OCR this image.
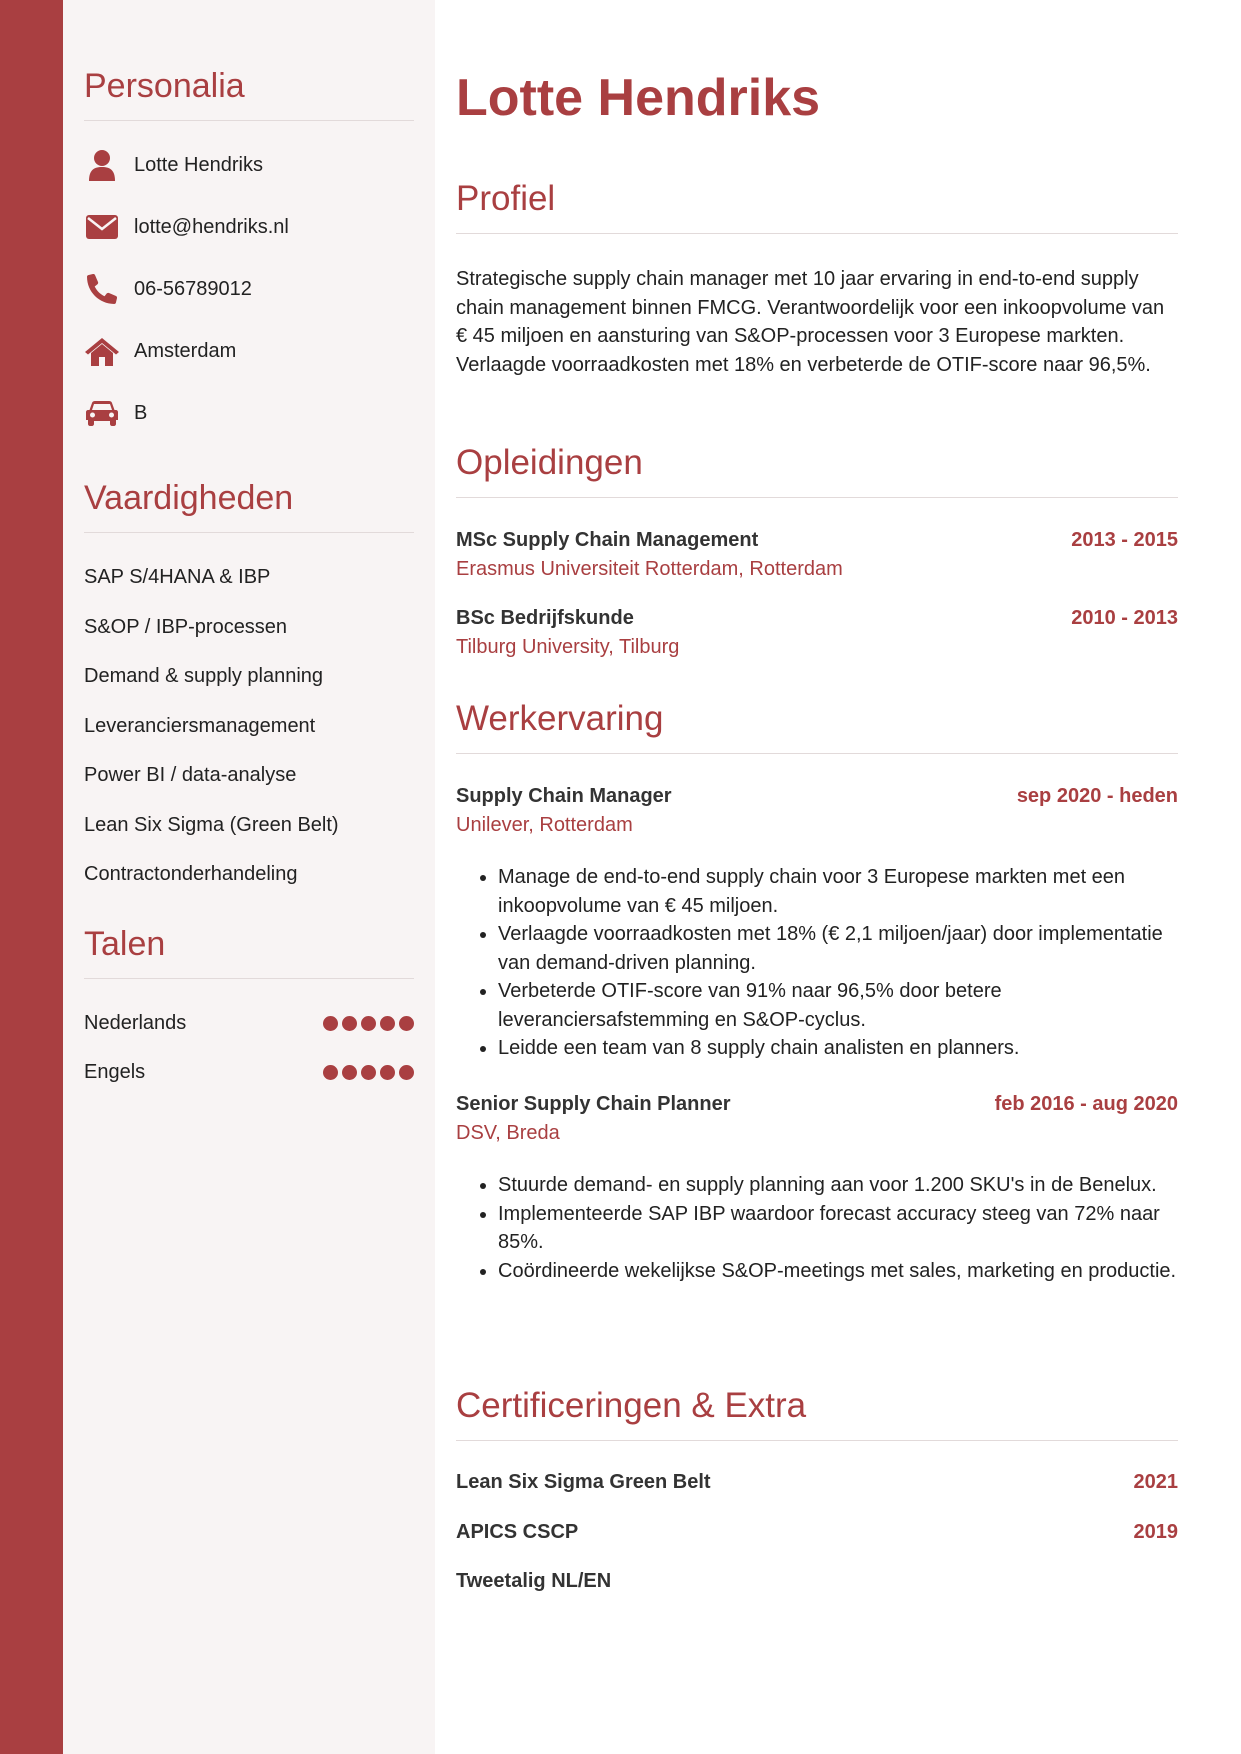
Personalia
Lotte Hendriks
lotte@hendriks.nl
06-56789012
Amsterdam
B
Vaardigheden
SAP S/4HANA & IBP
S&OP / IBP-processen
Demand & supply planning
Leveranciersmanagement
Power BI / data-analyse
Lean Six Sigma (Green Belt)
Contractonderhandeling
Talen
Nederlands
Engels
Lotte Hendriks
Profiel

Strategische supply chain manager met 10 jaar ervaring in end-to-end supply chain management binnen FMCG. Verantwoordelijk voor een inkoopvolume van € 45 miljoen en aansturing van S&OP-processen voor 3 Europese markten. Verlaagde voorraadkosten met 18% en verbeterde de OTIF-score naar 96,5%.

Opleidingen
MSc Supply Chain Management	2013 - 2015
Erasmus Universiteit Rotterdam, Rotterdam
BSc Bedrijfskunde	2010 - 2013
Tilburg University, Tilburg
Werkervaring
Supply Chain Manager	sep 2020 - heden
Unilever, Rotterdam
• Manage de end-to-end supply chain voor 3 Europese markten met een inkoopvolume van € 45 miljoen.
• Verlaagde voorraadkosten met 18% (€ 2,1 miljoen/jaar) door implementatie van demand-driven planning.
• Verbeterde OTIF-score van 91% naar 96,5% door betere leveranciersafstemming en S&OP-cyclus.
• Leidde een team van 8 supply chain analisten en planners.
Senior Supply Chain Planner	feb 2016 - aug 2020
DSV, Breda
• Stuurde demand- en supply planning aan voor 1.200 SKU's in de Benelux.
• Implementeerde SAP IBP waardoor forecast accuracy steeg van 72% naar 85%.
• Coördineerde wekelijkse S&OP-meetings met sales, marketing en productie.
Certificeringen & Extra
Lean Six Sigma Green Belt	2021
APICS CSCP	2019
Tweetalig NL/EN
